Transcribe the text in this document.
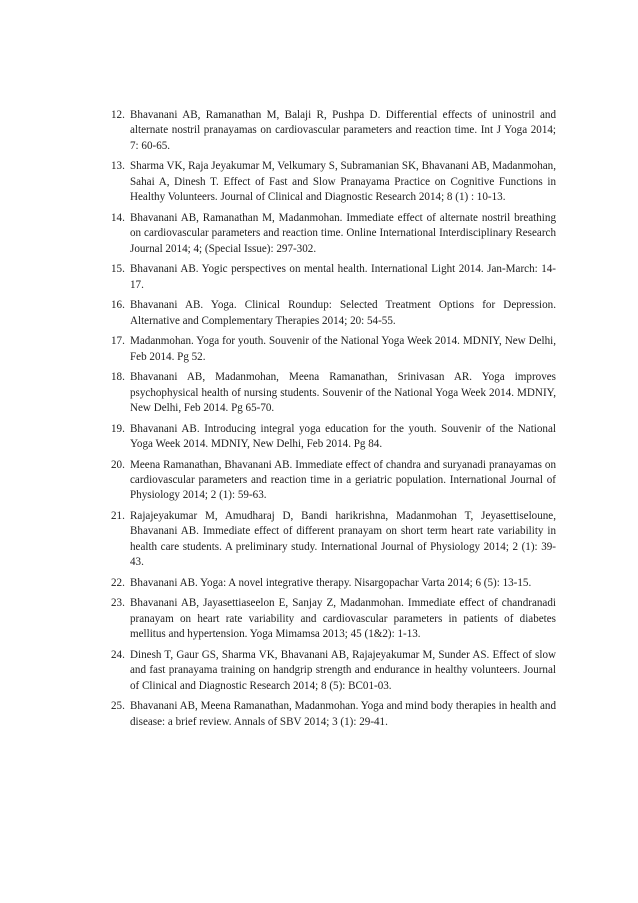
12. Bhavanani AB, Ramanathan M, Balaji R, Pushpa D. Differential effects of uninostril and alternate nostril pranayamas on cardiovascular parameters and reaction time. Int J Yoga 2014; 7: 60-65.
13. Sharma VK, Raja Jeyakumar M, Velkumary S, Subramanian SK, Bhavanani AB, Madanmohan, Sahai A, Dinesh T. Effect of Fast and Slow Pranayama Practice on Cognitive Functions in Healthy Volunteers. Journal of Clinical and Diagnostic Research 2014; 8 (1) : 10-13.
14. Bhavanani AB, Ramanathan M, Madanmohan. Immediate effect of alternate nostril breathing on cardiovascular parameters and reaction time. Online International Interdisciplinary Research Journal 2014; 4; (Special Issue): 297-302.
15. Bhavanani AB. Yogic perspectives on mental health. International Light 2014. Jan-March: 14-17.
16. Bhavanani AB. Yoga. Clinical Roundup: Selected Treatment Options for Depression. Alternative and Complementary Therapies 2014; 20: 54-55.
17. Madanmohan. Yoga for youth. Souvenir of the National Yoga Week 2014. MDNIY, New Delhi, Feb 2014. Pg 52.
18. Bhavanani AB, Madanmohan, Meena Ramanathan, Srinivasan AR. Yoga improves psychophysical health of nursing students. Souvenir of the National Yoga Week 2014. MDNIY, New Delhi, Feb 2014. Pg 65-70.
19. Bhavanani AB. Introducing integral yoga education for the youth. Souvenir of the National Yoga Week 2014. MDNIY, New Delhi, Feb 2014. Pg 84.
20. Meena Ramanathan, Bhavanani AB. Immediate effect of chandra and suryanadi pranayamas on cardiovascular parameters and reaction time in a geriatric population. International Journal of Physiology 2014; 2 (1): 59-63.
21. Rajajeyakumar M, Amudharaj D, Bandi harikrishna, Madanmohan T, Jeyasettiseloune, Bhavanani AB. Immediate effect of different pranayam on short term heart rate variability in health care students. A preliminary study. International Journal of Physiology 2014; 2 (1): 39-43.
22. Bhavanani AB. Yoga: A novel integrative therapy. Nisargopachar Varta 2014; 6 (5): 13-15.
23. Bhavanani AB, Jayasettiaseelon E, Sanjay Z, Madanmohan. Immediate effect of chandranadi pranayam on heart rate variability and cardiovascular parameters in patients of diabetes mellitus and hypertension. Yoga Mimamsa 2013; 45 (1&2): 1-13.
24. Dinesh T, Gaur GS, Sharma VK, Bhavanani AB, Rajajeyakumar M, Sunder AS. Effect of slow and fast pranayama training on handgrip strength and endurance in healthy volunteers. Journal of Clinical and Diagnostic Research 2014; 8 (5): BC01-03.
25. Bhavanani AB, Meena Ramanathan, Madanmohan. Yoga and mind body therapies in health and disease: a brief review. Annals of SBV 2014; 3 (1): 29-41.
